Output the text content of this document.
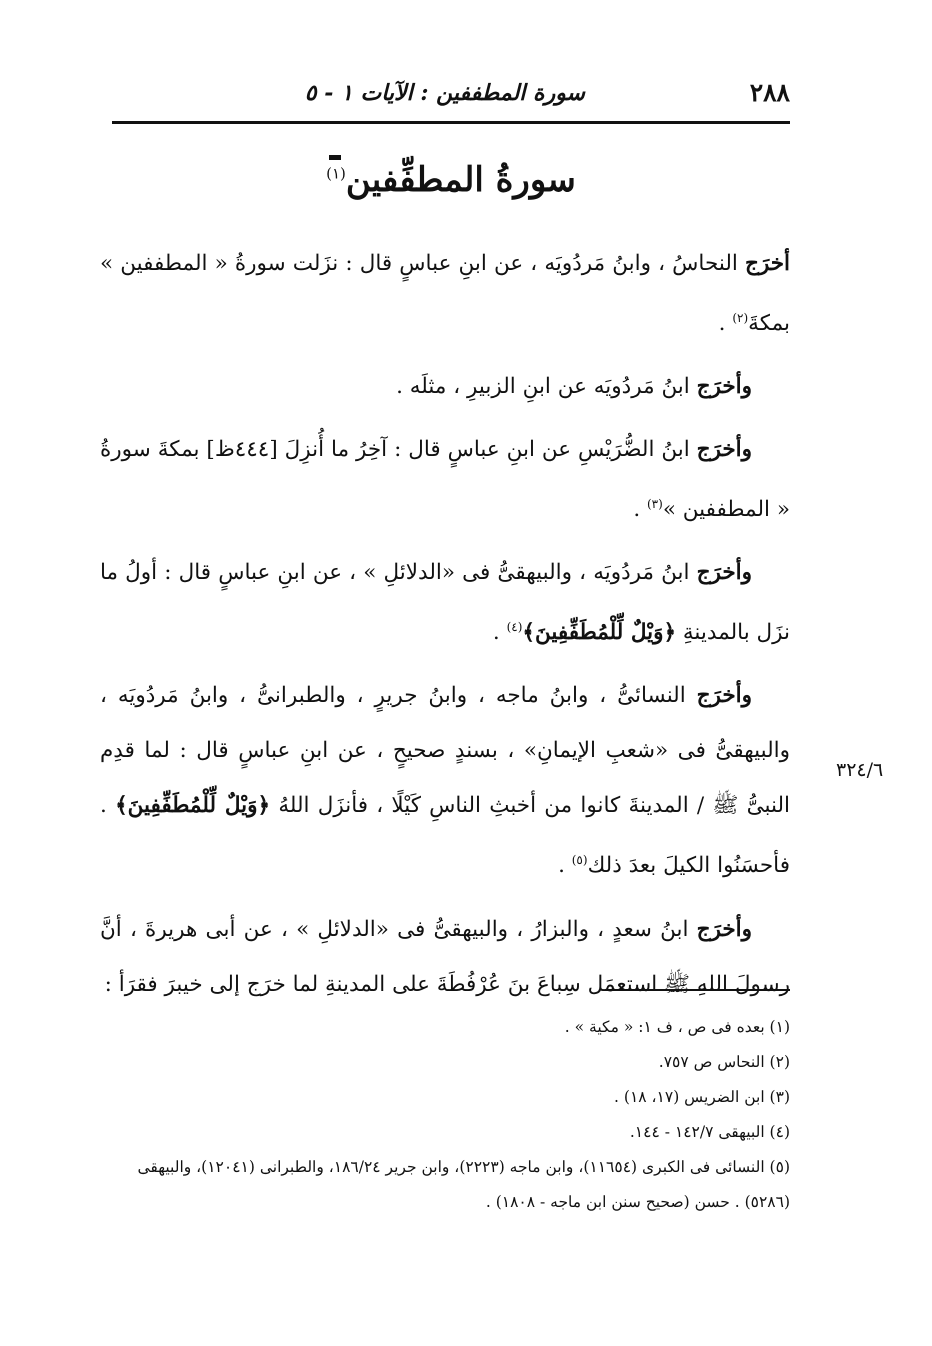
٢٨٨
سورة المطففين : الآيات ١ - ٥
سورةُ المطفِّفين$^{(١)}$

أخرَج النحاسُ ، وابنُ مَردُويَه ، عن ابنِ عباسٍ قال : نزَلت سورةُ « المطففين » بمكةَ$^{(٢)}$ .

وأخرَج ابنُ مَردُويَه عن ابنِ الزبيرِ ، مثلَه .

وأخرَج ابنُ الضُّرَيْسِ عن ابنِ عباسٍ قال : آخِرُ ما أُنزِلَ [٤٤٤ظ] بمكةَ سورةُ « المطففين »$^{(٣)}$ .

وأخرَج ابنُ مَردُويَه ، والبيهقىُّ فى «الدلائلِ » ، عن ابنِ عباسٍ قال : أولُ ما نزَل بالمدينةِ ﴿وَيْلٌ لِّلْمُطَفِّفِينَ﴾$^{(٤)}$ .

وأخرَج النسائىُّ ، وابنُ ماجه ، وابنُ جريرٍ ، والطبرانىُّ ، وابنُ مَردُويَه ، والبيهقىُّ فى «شعبِ الإيمانِ» ، بسندٍ صحيحٍ ، عن ابنِ عباسٍ قال : لما قدِم النبىُّ ﷺ / المدينةَ كانوا من أخبثِ الناسِ كَيْلًا ، فأنزَل اللهُ ﴿وَيْلٌ لِّلْمُطَفِّفِينَ﴾ . فأحسَنُوا الكيلَ بعدَ ذلك$^{(٥)}$ .

وأخرَج ابنُ سعدٍ ، والبزارُ ، والبيهقىُّ فى «الدلائلِ » ، عن أبى هريرةَ ، أنَّ رسولَ اللهِ ﷺ استعمَل سِباعَ بنَ عُرْفُطَةَ على المدينةِ لما خرَج إلى خيبرَ فقرَأ :

٣٢٤/٦

(١) بعده فى ص ، ف ١: « مكية » .

(٢) النحاس ص ٧٥٧.

(٣) ابن الضريس (١٧، ١٨) .

(٤) البيهقى ١٤٢/٧ - ١٤٤.

(٥) النسائى فى الكبرى (١١٦٥٤)، وابن ماجه (٢٢٢٣)، وابن جرير ١٨٦/٢٤، والطبرانى (١٢٠٤١)، والبيهقى (٥٢٨٦) . حسن (صحيح سنن ابن ماجه - ١٨٠٨) .
